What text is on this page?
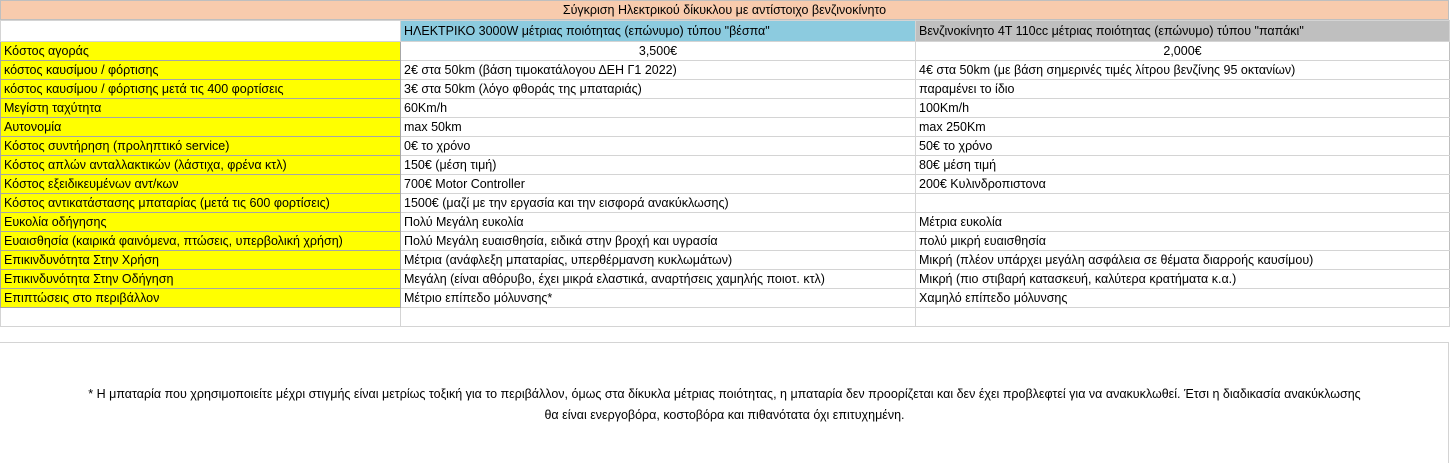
Σύγκριση Ηλεκτρικού δίκυκλου με αντίστοιχο βενζινοκίνητο
	ΗΛΕΚΤΡΙΚΟ 3000W μέτριας ποιότητας (επώνυμο) τύπου "βέσπα"	Βενζινοκίνητο 4T 110cc μέτριας ποιότητας (επώνυμο) τύπου "παπάκι"
Κόστος αγοράς	3,500€	2,000€
κόστος καυσίμου / φόρτισης	2€ στα 50km (βάση τιμοκατάλογου ΔΕΗ Γ1 2022)	4€ στα 50km (με βάση σημερινές τιμές λίτρου βενζίνης 95 οκτανίων)
κόστος καυσίμου / φόρτισης μετά τις 400 φορτίσεις	3€ στα 50km (λόγο φθοράς της μπαταριάς)	παραμένει το ίδιο
Μεγίστη ταχύτητα	60Km/h	100Km/h
Αυτονομία	max 50km	max 250Km
Κόστος συντήρηση (προληπτικό service)	0€ το χρόνο	50€ το χρόνο
Κόστος απλών ανταλλακτικών (λάστιχα, φρένα κτλ)	150€ (μέση τιμή)	80€ μέση τιμή
Κόστος εξειδικευμένων αντ/κων	700€ Motor Controller	200€ Κυλινδροπιστονα
Κόστος αντικατάστασης μπαταρίας (μετά τις 600 φορτίσεις)	1500€ (μαζί με την εργασία και την εισφορά ανακύκλωσης)	
Ευκολία οδήγησης	Πολύ Μεγάλη ευκολία	Μέτρια ευκολία
Ευαισθησία (καιρικά φαινόμενα, πτώσεις, υπερβολική χρήση)	Πολύ Μεγάλη ευαισθησία, ειδικά στην βροχή και υγρασία	πολύ μικρή ευαισθησία
Επικινδυνότητα Στην Χρήση	Μέτρια (ανάφλεξη μπαταρίας, υπερθέρμανση κυκλωμάτων)	Μικρή (πλέον υπάρχει μεγάλη ασφάλεια σε θέματα διαρροής καυσίμου)
Επικινδυνότητα Στην Οδήγηση	Μεγάλη (είναι αθόρυβο, έχει μικρά ελαστικά, αναρτήσεις χαμηλής ποιοτ. κτλ)	Μικρή (πιο στιβαρή κατασκευή, καλύτερα κρατήματα κ.α.)
Επιπτώσεις στο περιβάλλον	Μέτριο επίπεδο μόλυνσης*	Χαμηλό επίπεδο μόλυνσης

* Η μπαταρία που χρησιμοποιείτε μέχρι στιγμής είναι μετρίως τοξική για το περιβάλλον, όμως στα δίκυκλα μέτριας ποιότητας, η μπαταρία δεν προορίζεται και δεν έχει προβλεφτεί για να ανακυκλωθεί. Έτσι η διαδικασία ανακύκλωσης
θα είναι ενεργοβόρα, κοστοβόρα και πιθανότατα όχι επιτυχημένη.
